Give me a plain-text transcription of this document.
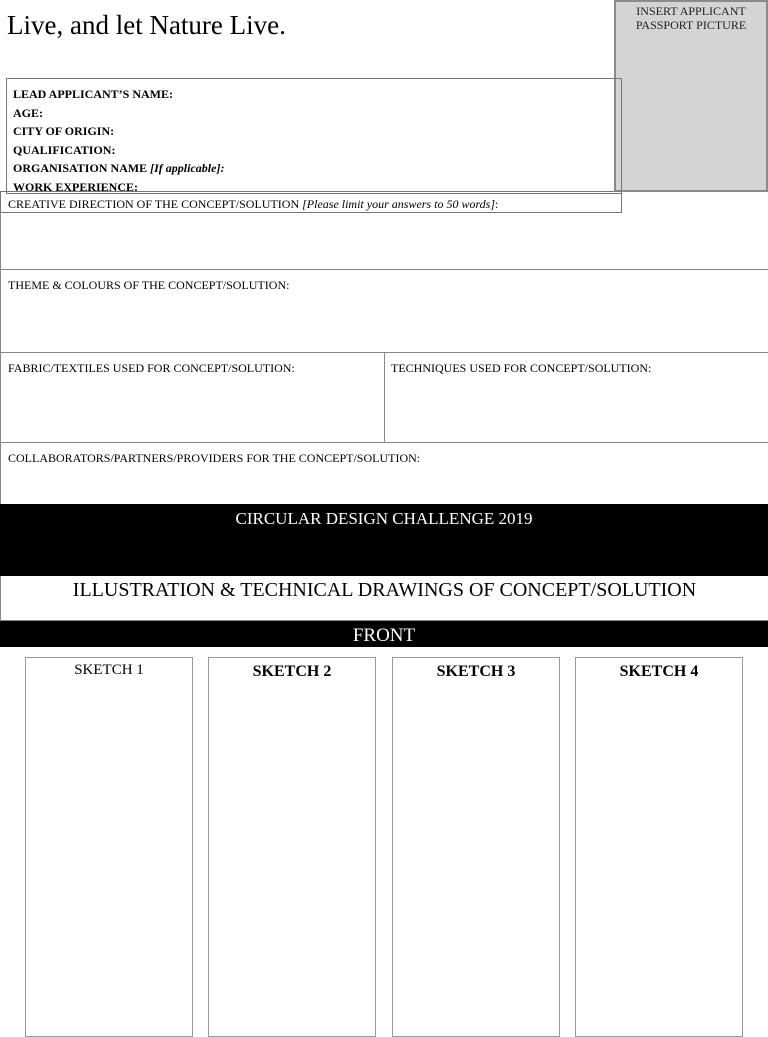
Live, and let Nature Live.	INSERT APPLICANT
PASSPORT PICTURE
LEAD APPLICANT’S NAME:
AGE:
CITY OF ORIGIN:
QUALIFICATION:
ORGANISATION NAME [If applicable]:
WORK EXPERIENCE:
CREATIVE DIRECTION OF THE CONCEPT/SOLUTION [Please limit your answers to 50 words]:
THEME & COLOURS OF THE CONCEPT/SOLUTION:
FABRIC/TEXTILES USED FOR CONCEPT/SOLUTION:	TECHNIQUES USED FOR CONCEPT/SOLUTION:
COLLABORATORS/PARTNERS/PROVIDERS FOR THE CONCEPT/SOLUTION:
CIRCULAR DESIGN CHALLENGE 2019
ILLUSTRATION & TECHNICAL DRAWINGS OF CONCEPT/SOLUTION
FRONT
SKETCH 1	SKETCH 2	SKETCH 3	SKETCH 4
